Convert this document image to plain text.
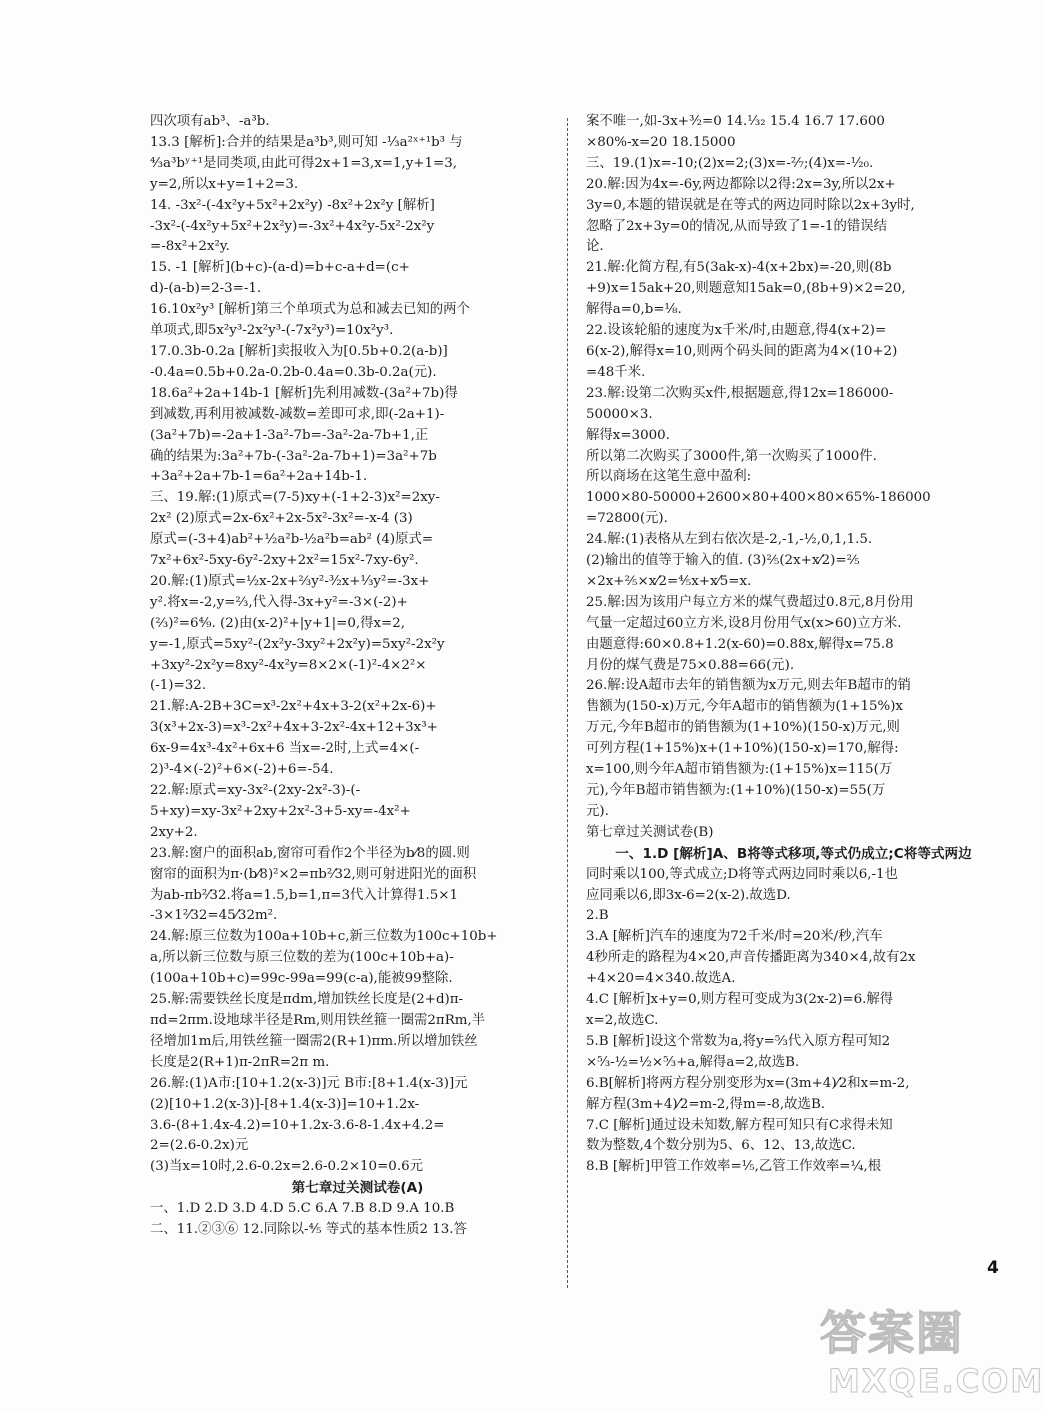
四次项有ab³、-a³b.

13.3 [解析]:合并的结果是a³b³,则可知 -⅓a²ˣ⁺¹b³ 与

⁴⁄₃a³bʸ⁺¹是同类项,由此可得2x+1=3,x=1,y+1=3,

y=2,所以x+y=1+2=3.

14. -3x²-(-4x²y+5x²+2x²y) -8x²+2x²y [解析]

-3x²-(-4x²y+5x²+2x²y)=-3x²+4x²y-5x²-2x²y

=-8x²+2x²y.

15. -1 [解析](b+c)-(a-d)=b+c-a+d=(c+

d)-(a-b)=2-3=-1.

16.10x²y³ [解析]第三个单项式为总和减去已知的两个

单项式,即5x²y³-2x²y³-(-7x²y³)=10x²y³.

17.0.3b-0.2a [解析]卖报收入为[0.5b+0.2(a-b)]

-0.4a=0.5b+0.2a-0.2b-0.4a=0.3b-0.2a(元).

18.6a²+2a+14b-1 [解析]先利用减数-(3a²+7b)得

到减数,再利用被减数-减数=差即可求,即(-2a+1)-

(3a²+7b)=-2a+1-3a²-7b=-3a²-2a-7b+1,正

确的结果为:3a²+7b-(-3a²-2a-7b+1)=3a²+7b

+3a²+2a+7b-1=6a²+2a+14b-1.

三、19.解:(1)原式=(7-5)xy+(-1+2-3)x²=2xy-

2x² (2)原式=2x-6x²+2x-5x²-3x²=-x-4 (3)

原式=(-3+4)ab²+½a²b-½a²b=ab² (4)原式=

7x²+6x²-5xy-6y²-2xy+2x²=15x²-7xy-6y².

20.解:(1)原式=½x-2x+⅔y²-³⁄₂x+⅓y²=-3x+

y².将x=-2,y=⅔,代入得-3x+y²=-3×(-2)+

(⅔)²=6⁴⁄₉. (2)由(x-2)²+|y+1|=0,得x=2,

y=-1,原式=5xy²-(2x²y-3xy²+2x²y)=5xy²-2x²y

+3xy²-2x²y=8xy²-4x²y=8×2×(-1)²-4×2²×

(-1)=32.

21.解:A-2B+3C=x³-2x²+4x+3-2(x²+2x-6)+

3(x³+2x-3)=x³-2x²+4x+3-2x²-4x+12+3x³+

6x-9=4x³-4x²+6x+6 当x=-2时,上式=4×(-

2)³-4×(-2)²+6×(-2)+6=-54.

22.解:原式=xy-3x²-(2xy-2x²-3)-(-

5+xy)=xy-3x²+2xy+2x²-3+5-xy=-4x²+

2xy+2.

23.解:窗户的面积ab,窗帘可看作2个半径为b⁄8的圆.则

窗帘的面积为π·(b⁄8)²×2=πb²⁄32,则可射进阳光的面积

为ab-πb²⁄32.将a=1.5,b=1,π=3代入计算得1.5×1

-3×1²⁄32=45⁄32m².

24.解:原三位数为100a+10b+c,新三位数为100c+10b+

a,所以新三位数与原三位数的差为(100c+10b+a)-

(100a+10b+c)=99c-99a=99(c-a),能被99整除.

25.解:需要铁丝长度是πdm,增加铁丝长度是(2+d)π-

πd=2πm.设地球半径是Rm,则用铁丝箍一圈需2πRm,半

径增加1m后,用铁丝箍一圈需2(R+1)πm.所以增加铁丝

长度是2(R+1)π-2πR=2π m.

26.解:(1)A市:[10+1.2(x-3)]元 B市:[8+1.4(x-3)]元

(2)[10+1.2(x-3)]-[8+1.4(x-3)]=10+1.2x-

3.6-(8+1.4x-4.2)=10+1.2x-3.6-8-1.4x+4.2=

2=(2.6-0.2x)元

(3)当x=10时,2.6-0.2x=2.6-0.2×10=0.6元

第七章过关测试卷(A)

一、1.D 2.D 3.D 4.D 5.C 6.A 7.B 8.D 9.A 10.B

二、11.②③⑥ 12.同除以-⁴⁄₅ 等式的基本性质2 13.答

案不唯一,如-3x+³⁄₂=0 14.¹⁄₃₂ 15.4 16.7 17.600

×80%-x=20 18.15000

三、19.(1)x=-10;(2)x=2;(3)x=-²⁄₇;(4)x=-¹⁄₂₀.

20.解:因为4x=-6y,两边都除以2得:2x=3y,所以2x+

3y=0,本题的错误就是在等式的两边同时除以2x+3y时,

忽略了2x+3y=0的情况,从而导致了1=-1的错误结

论.

21.解:化简方程,有5(3ak-x)-4(x+2bx)=-20,则(8b

+9)x=15ak+20,则题意知15ak=0,(8b+9)×2=20,

解得a=0,b=⅛.

22.设该轮船的速度为x千米/时,由题意,得4(x+2)=

6(x-2),解得x=10,则两个码头间的距离为4×(10+2)

=48千米.

23.解:设第二次购买x件,根据题意,得12x=186000-

50000×3.

解得x=3000.

所以第二次购买了3000件,第一次购买了1000件.

所以商场在这笔生意中盈利:

1000×80-50000+2600×80+400×80×65%-186000

=72800(元).

24.解:(1)表格从左到右依次是-2,-1,-½,0,1,1.5.

(2)输出的值等于输入的值. (3)⅖(2x+x⁄2)=⅖

×2x+⅖×x⁄2=⅘x+x⁄5=x.

25.解:因为该用户每立方米的煤气费超过0.8元,8月份用

气量一定超过60立方米,设8月份用气x(x>60)立方米.

由题意得:60×0.8+1.2(x-60)=0.88x,解得x=75.8

月份的煤气费是75×0.88=66(元).

26.解:设A超市去年的销售额为x万元,则去年B超市的销

售额为(150-x)万元,今年A超市的销售额为(1+15%)x

万元,今年B超市的销售额为(1+10%)(150-x)万元,则

可列方程(1+15%)x+(1+10%)(150-x)=170,解得:

x=100,则今年A超市销售额为:(1+15%)x=115(万

元),今年B超市销售额为:(1+10%)(150-x)=55(万

元).

第七章过关测试卷(B)

一、1.D [解析]A、B将等式移项,等式仍成立;C将等式两边

同时乘以100,等式成立;D将等式两边同时乘以6,-1也

应同乘以6,即3x-6=2(x-2).故选D.

2.B

3.A [解析]汽车的速度为72千米/时=20米/秒,汽车

4秒所走的路程为4×20,声音传播距离为340×4,故有2x

+4×20=4×340.故选A.

4.C [解析]x+y=0,则方程可变成为3(2x-2)=6.解得

x=2,故选C.

5.B [解析]设这个常数为a,将y=⁵⁄₃代入原方程可知2

×⁵⁄₃-½=½×⁵⁄₃+a,解得a=2,故选B.

6.B[解析]将两方程分别变形为x=(3m+4)⁄2和x=m-2,

解方程(3m+4)⁄2=m-2,得m=-8,故选B.

7.C [解析]通过设未知数,解方程可知只有C求得未知

数为整数,4个数分别为5、6、12、13,故选C.

8.B [解析]甲管工作效率=⅕,乙管工作效率=¼,根

4
答案圈
MXQE.COM
